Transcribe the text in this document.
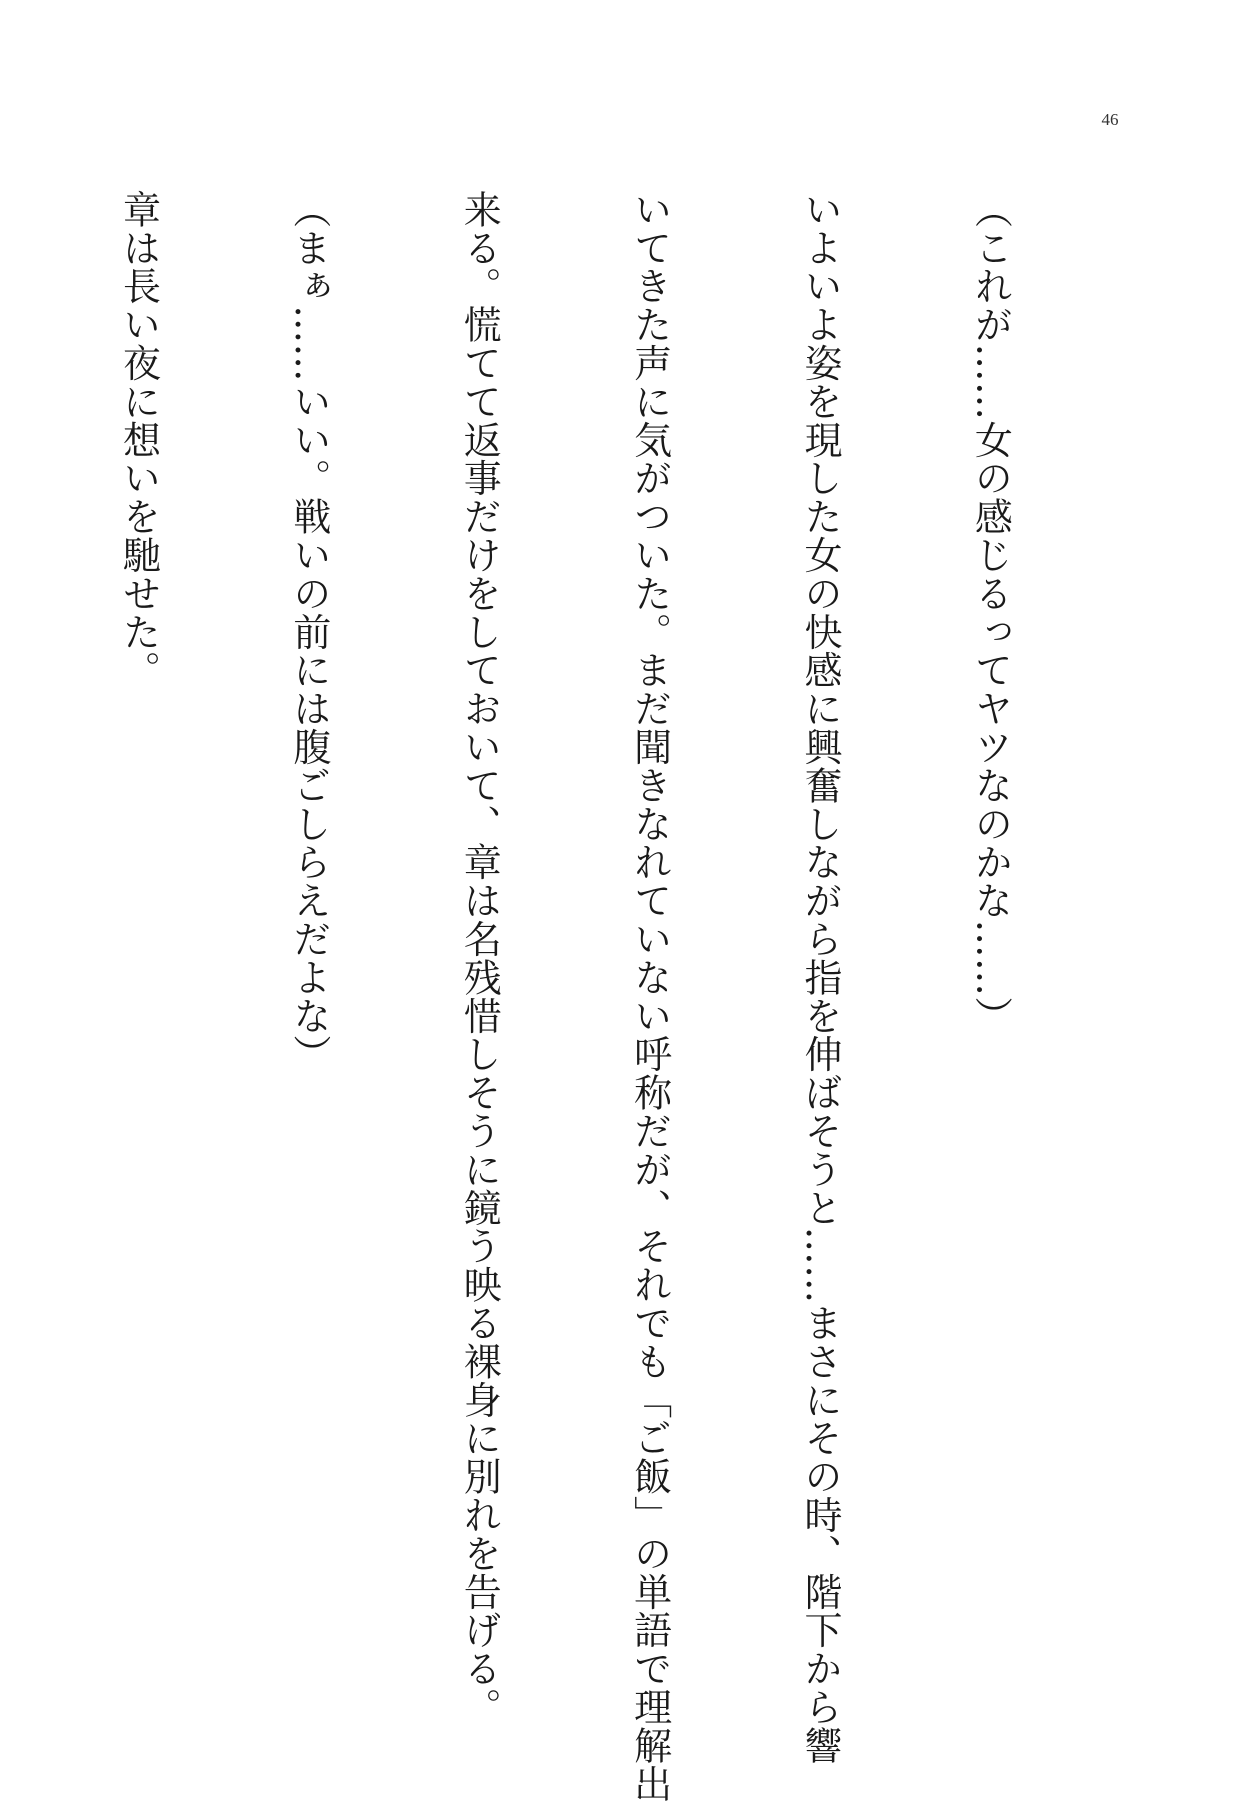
46

（これが……女の感じるってヤツなのかな……）

いよいよ姿を現した女の快感に興奮しながら指を伸ばそうと……まさにその時、階下から響

いてきた声に気がついた。まだ聞きなれていない呼称だが、それでも「ご飯」の単語で理解出

来る。慌てて返事だけをしておいて、章は名残惜しそうに鏡う映る裸身に別れを告げる。

（まぁ……いい。戦いの前には腹ごしらえだよな）

章は長い夜に想いを馳せた。
